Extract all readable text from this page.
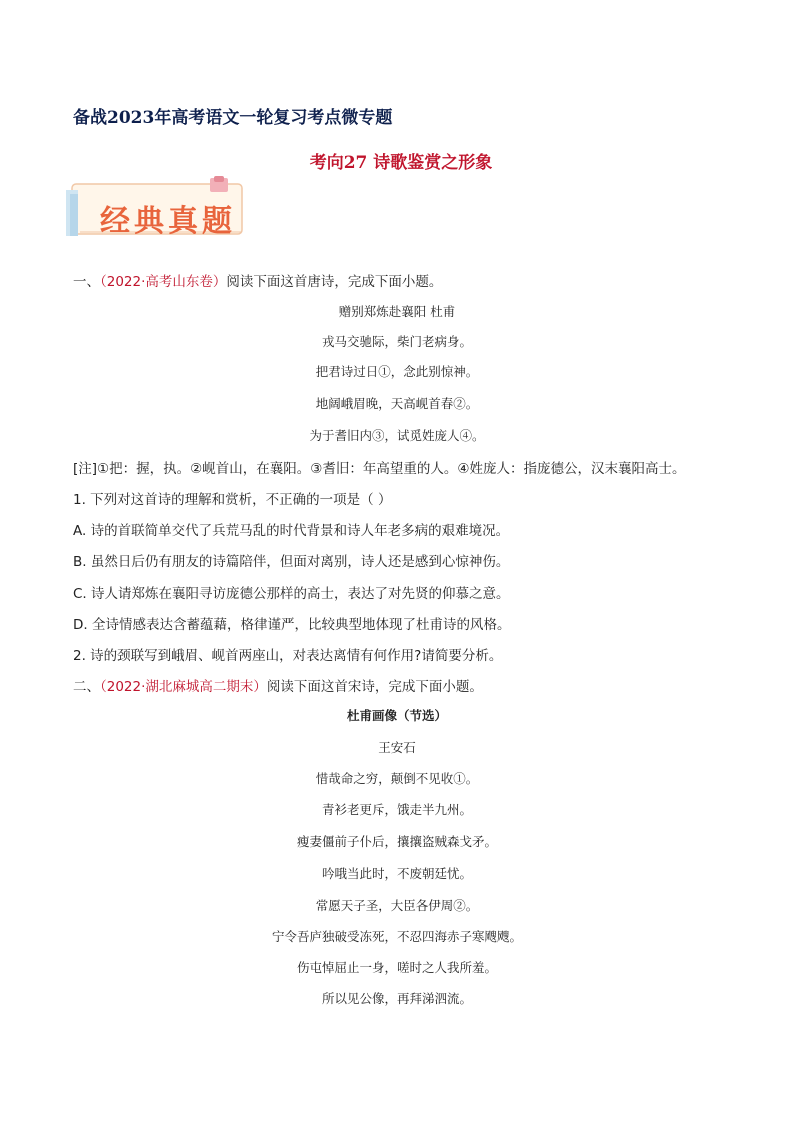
备战2023年高考语文一轮复习考点微专题
考向27 诗歌鉴赏之形象
经典真题
一、（2022·高考山东卷）阅读下面这首唐诗，完成下面小题。
赠别郑炼赴襄阳 杜甫
戎马交驰际，柴门老病身。
把君诗过日①，念此别惊神。
地阔峨眉晚，天高岘首春②。
为于耆旧内③，试觅姓庞人④。
[注]①把：握，执。②岘首山，在襄阳。③耆旧：年高望重的人。④姓庞人：指庞德公，汉末襄阳高士。
1. 下列对这首诗的理解和赏析，不正确的一项是（ ）
A. 诗的首联简单交代了兵荒马乱的时代背景和诗人年老多病的艰难境况。
B. 虽然日后仍有朋友的诗篇陪伴，但面对离别，诗人还是感到心惊神伤。
C. 诗人请郑炼在襄阳寻访庞德公那样的高士，表达了对先贤的仰慕之意。
D. 全诗情感表达含蓄蕴藉，格律谨严，比较典型地体现了杜甫诗的风格。
2. 诗的颈联写到峨眉、岘首两座山，对表达离情有何作用?请简要分析。
二、（2022·湖北麻城高二期末）阅读下面这首宋诗，完成下面小题。
杜甫画像（节选）
王安石
惜哉命之穷，颠倒不见收①。
青衫老更斥，饿走半九州。
瘦妻僵前子仆后，攘攘盗贼森戈矛。
吟哦当此时，不废朝廷忧。
常愿天子圣，大臣各伊周②。
宁令吾庐独破受冻死，不忍四海赤子寒飕飕。
伤屯悼屈止一身，嗟时之人我所羞。
所以见公像，再拜涕泗流。
